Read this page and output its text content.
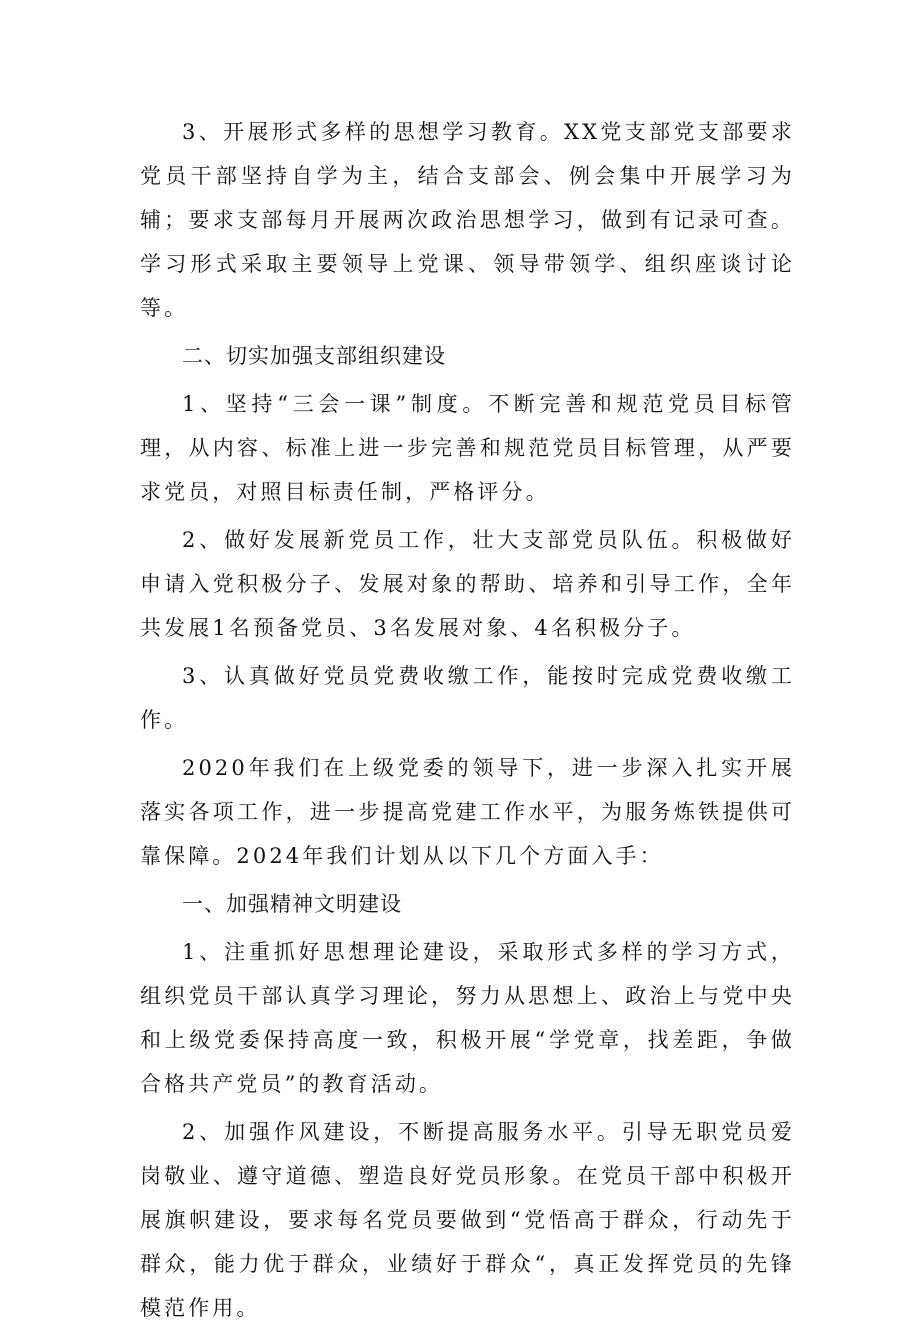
3、开展形式多样的思想学习教育。XX党支部党支部要求党员干部坚持自学为主，结合支部会、例会集中开展学习为辅；要求支部每月开展两次政治思想学习，做到有记录可查。学习形式采取主要领导上党课、领导带领学、组织座谈讨论等。

二、切实加强支部组织建设

1、坚持“三会一课”制度。不断完善和规范党员目标管理，从内容、标准上进一步完善和规范党员目标管理，从严要求党员，对照目标责任制，严格评分。

2、做好发展新党员工作，壮大支部党员队伍。积极做好申请入党积极分子、发展对象的帮助、培养和引导工作，全年共发展1名预备党员、3名发展对象、4名积极分子。

3、认真做好党员党费收缴工作，能按时完成党费收缴工作。

2020年我们在上级党委的领导下，进一步深入扎实开展落实各项工作，进一步提高党建工作水平，为服务炼铁提供可靠保障。2024年我们计划从以下几个方面入手：

一、加强精神文明建设

1、注重抓好思想理论建设，采取形式多样的学习方式，组织党员干部认真学习理论，努力从思想上、政治上与党中央和上级党委保持高度一致，积极开展“学党章，找差距，争做合格共产党员”的教育活动。

2、加强作风建设，不断提高服务水平。引导无职党员爱岗敬业、遵守道德、塑造良好党员形象。在党员干部中积极开展旗帜建设，要求每名党员要做到“党悟高于群众，行动先于群众，能力优于群众，业绩好于群众“，真正发挥党员的先锋模范作用。
